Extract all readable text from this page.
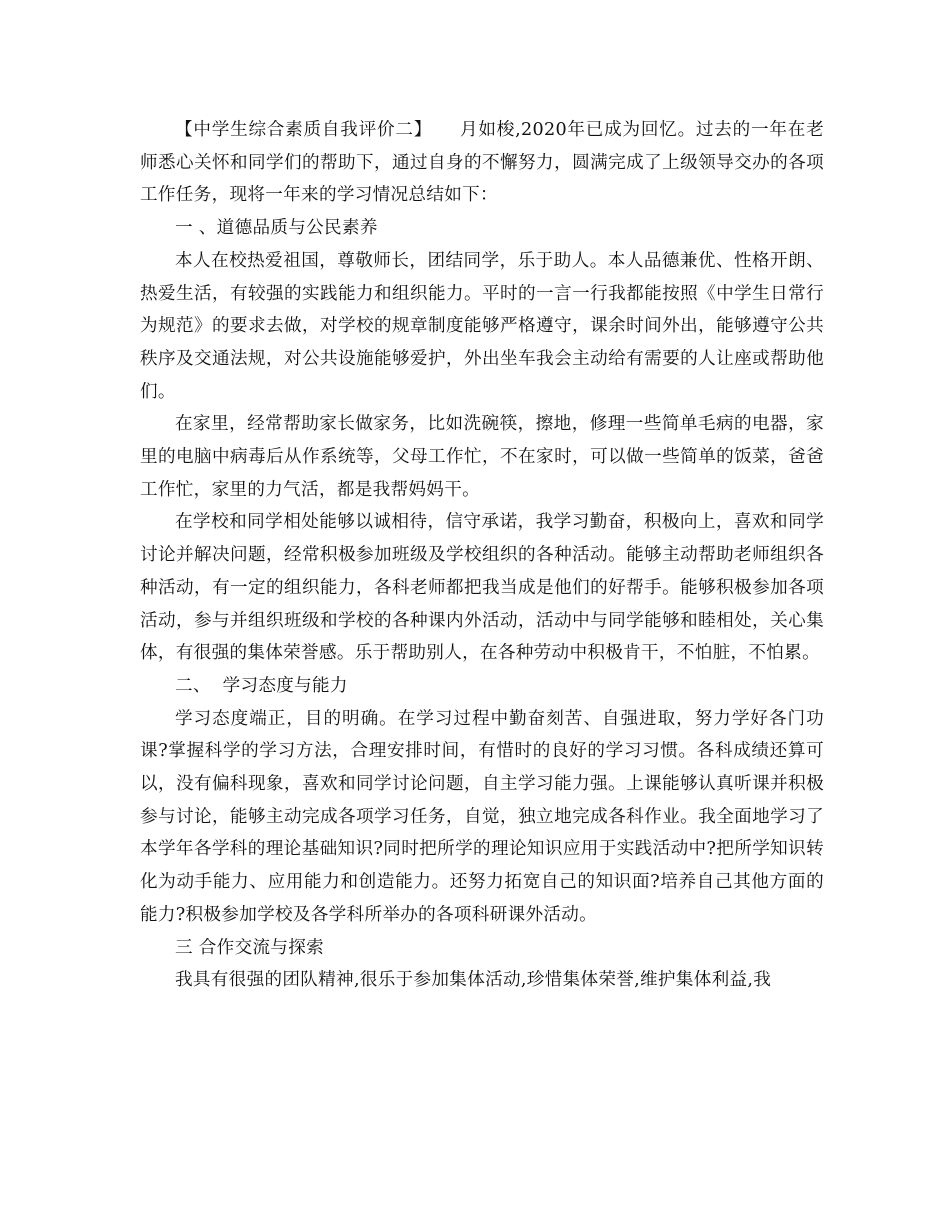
【中学生综合素质自我评价二】　　 月如梭,2020年已成为回忆。过去的一年在老师悉心关怀和同学们的帮助下，通过自身的不懈努力，圆满完成了上级领导交办的各项工作任务，现将一年来的学习情况总结如下：

一 、道德品质与公民素养

本人在校热爱祖国，尊敬师长，团结同学，乐于助人。本人品德兼优、性格开朗、热爱生活，有较强的实践能力和组织能力。平时的一言一行我都能按照《中学生日常行为规范》的要求去做，对学校的规章制度能够严格遵守，课余时间外出，能够遵守公共秩序及交通法规，对公共设施能够爱护，外出坐车我会主动给有需要的人让座或帮助他们。

在家里，经常帮助家长做家务，比如洗碗筷，擦地，修理一些简单毛病的电器，家里的电脑中病毒后从作系统等，父母工作忙，不在家时，可以做一些简单的饭菜，爸爸工作忙，家里的力气活，都是我帮妈妈干。

在学校和同学相处能够以诚相待，信守承诺，我学习勤奋，积极向上，喜欢和同学讨论并解决问题，经常积极参加班级及学校组织的各种活动。能够主动帮助老师组织各种活动，有一定的组织能力，各科老师都把我当成是他们的好帮手。能够积极参加各项活动，参与并组织班级和学校的各种课内外活动，活动中与同学能够和睦相处，关心集体，有很强的集体荣誉感。乐于帮助别人，在各种劳动中积极肯干，不怕脏，不怕累。

二、  学习态度与能力

学习态度端正，目的明确。在学习过程中勤奋刻苦、自强进取，努力学好各门功课?掌握科学的学习方法，合理安排时间，有惜时的良好的学习习惯。各科成绩还算可以，没有偏科现象，喜欢和同学讨论问题，自主学习能力强。上课能够认真听课并积极参与讨论，能够主动完成各项学习任务，自觉，独立地完成各科作业。我全面地学习了本学年各学科的理论基础知识?同时把所学的理论知识应用于实践活动中?把所学知识转化为动手能力、应用能力和创造能力。还努力拓宽自己的知识面?培养自己其他方面的能力?积极参加学校及各学科所举办的各项科研课外活动。

三 合作交流与探索

我具有很强的团队精神,很乐于参加集体活动,珍惜集体荣誉,维护集体利益,我
